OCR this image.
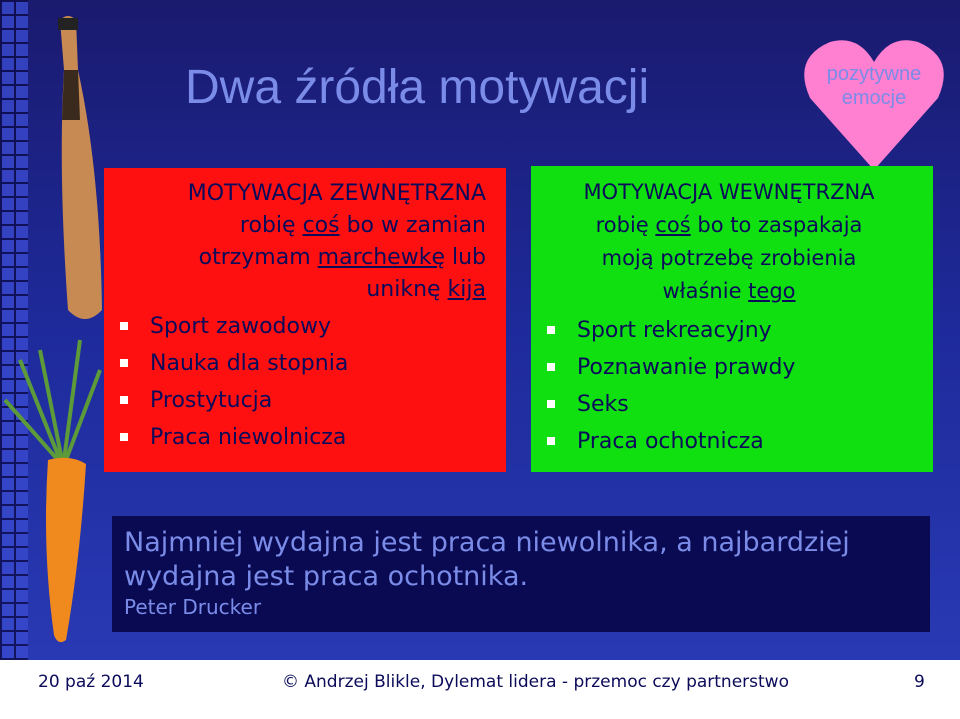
Dwa źródła motywacji	pozytywne
emocje
MOTYWACJA ZEWNĘTRZNA
robię coś bo w zamian
otrzymam marchewkę lub
uniknę kija
Sport zawodowy
Nauka dla stopnia
Prostytucja
Praca niewolnicza
MOTYWACJA WEWNĘTRZNA
robię coś bo to zaspakaja
moją potrzebę zrobienia
właśnie tego
Sport rekreacyjny
Poznawanie prawdy
Seks
Praca ochotnicza
Najmniej wydajna jest praca niewolnika, a najbardziej
wydajna jest praca ochotnika.
Peter Drucker
20 paź 2014	© Andrzej Blikle, Dylemat lidera - przemoc czy partnerstwo	9
